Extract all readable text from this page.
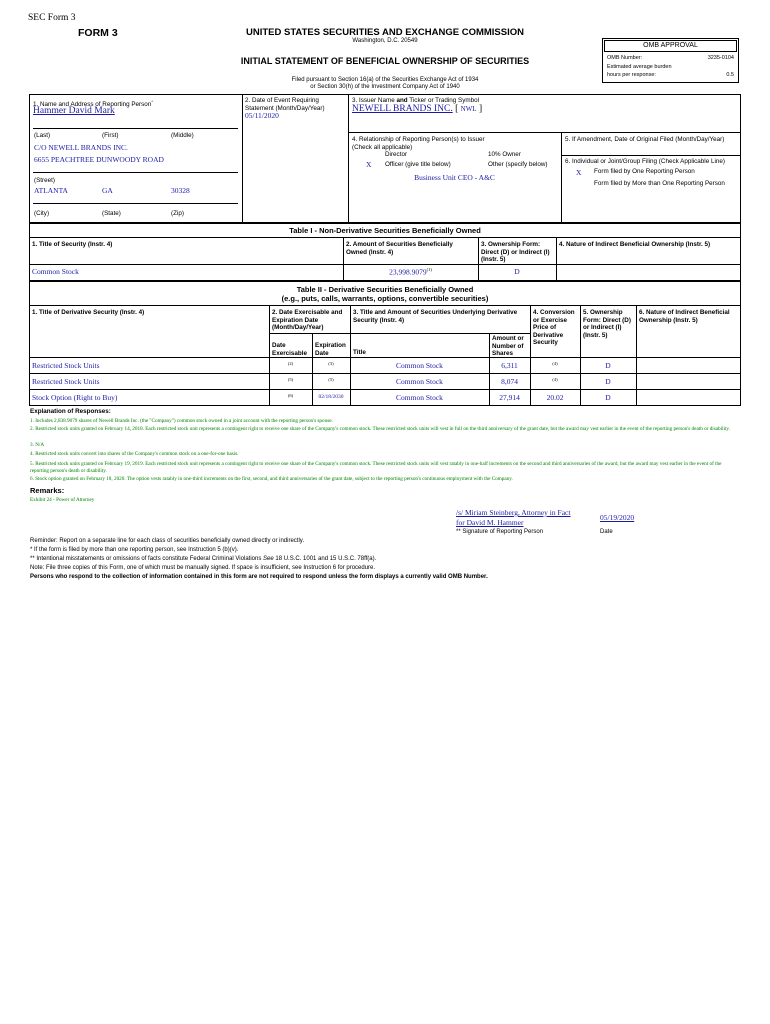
SEC Form 3
FORM 3	UNITED STATES SECURITIES AND EXCHANGE COMMISSION
Washington, D.C. 20549
INITIAL STATEMENT OF BENEFICIAL OWNERSHIP OF SECURITIES
Filed pursuant to Section 16(a) of the Securities Exchange Act of 1934
or Section 30(h) of the Investment Company Act of 1940
OMB APPROVAL
OMB Number:	3235-0104
Estimated average burden
hours per response:	0.5
1. Name and Address of Reporting Person*
Hammer David Mark
(Last)	(First)	(Middle)
C/O NEWELL BRANDS INC.
6655 PEACHTREE DUNWOODY ROAD
(Street)
ATLANTA	GA	30328
(City)	(State)	(Zip)
2. Date of Event Requiring Statement (Month/Day/Year)
05/11/2020
3. Issuer Name and Ticker or Trading Symbol
NEWELL BRANDS INC. [ NWL ]
4. Relationship of Reporting Person(s) to Issuer (Check all applicable)
Director	10% Owner
X Officer (give title below)	Other (specify below)
Business Unit CEO - A&C
5. If Amendment, Date of Original Filed (Month/Day/Year)
6. Individual or Joint/Group Filing (Check Applicable Line)
X Form filed by One Reporting Person
Form filed by More than One Reporting Person
Table I - Non-Derivative Securities Beneficially Owned
1. Title of Security (Instr. 4)	2. Amount of Securities Beneficially Owned (Instr. 4)
3. Ownership Form: Direct (D) or Indirect (I) (Instr. 5)
4. Nature of Indirect Beneficial Ownership (Instr. 5)
Common Stock	23,998.9079$^{(1)}$	D
Table II - Derivative Securities Beneficially Owned
(e.g., puts, calls, warrants, options, convertible securities)
1. Title of Derivative Security (Instr. 4)	2. Date Exercisable and Expiration Date (Month/Day/Year)
3. Title and Amount of Securities Underlying Derivative Security (Instr. 4)
4. Conversion or Exercise Price of Derivative Security
5. Ownership Form: Direct (D) or Indirect (I) (Instr. 5)
6. Nature of Indirect Beneficial Ownership (Instr. 5)
Date Exercisable
Expiration Date	Title
Amount or Number of Shares
Restricted Stock Units	(2)	(3)	Common Stock	6,311	(4)	D
Restricted Stock Units	(5)	(5)	Common Stock	8,074	(4)	D
Stock Option (Right to Buy)	(6)	02/18/2030	Common Stock	27,914	20.02	D
Explanation of Responses:
1. Includes 2,838.9079 shares of Newell Brands Inc. (the "Company") common stock owned in a joint account with the reporting person's spouse.
2. Restricted stock units granted on February 14, 2018. Each restricted stock unit represents a contingent right to receive one share of the Company's common stock. These restricted stock units will vest in full on the third anniversary of the grant date, but the award may vest earlier in the event of the reporting person's death or disability.
3. N/A
4. Restricted stock units convert into shares of the Company's common stock on a one-for-one basis.
5. Restricted stock units granted on February 19, 2019. Each restricted stock unit represents a contingent right to receive one share of the Company's common stock. These restricted stock units will vest ratably in one-half increments on the second and third anniversaries of the award, but the award may vest earlier in the event of the reporting person's death or disability.
6. Stock option granted on February 18, 2020. The option vests ratably in one-third increments on the first, second, and third anniversaries of the grant date, subject to the reporting person's continuous employment with the Company.
Remarks:
Exhibit 24 - Power of Attorney
/s/ Miriam Steinberg, Attorney in Fact
for David M. Hammer
05/19/2020
** Signature of Reporting Person	Date
Reminder: Report on a separate line for each class of securities beneficially owned directly or indirectly.
* If the form is filed by more than one reporting person, see Instruction 5 (b)(v).
** Intentional misstatements or omissions of facts constitute Federal Criminal Violations See 18 U.S.C. 1001 and 15 U.S.C. 78ff(a).
Note: File three copies of this Form, one of which must be manually signed. If space is insufficient, see Instruction 6 for procedure.
Persons who respond to the collection of information contained in this form are not required to respond unless the form displays a currently valid OMB Number.
